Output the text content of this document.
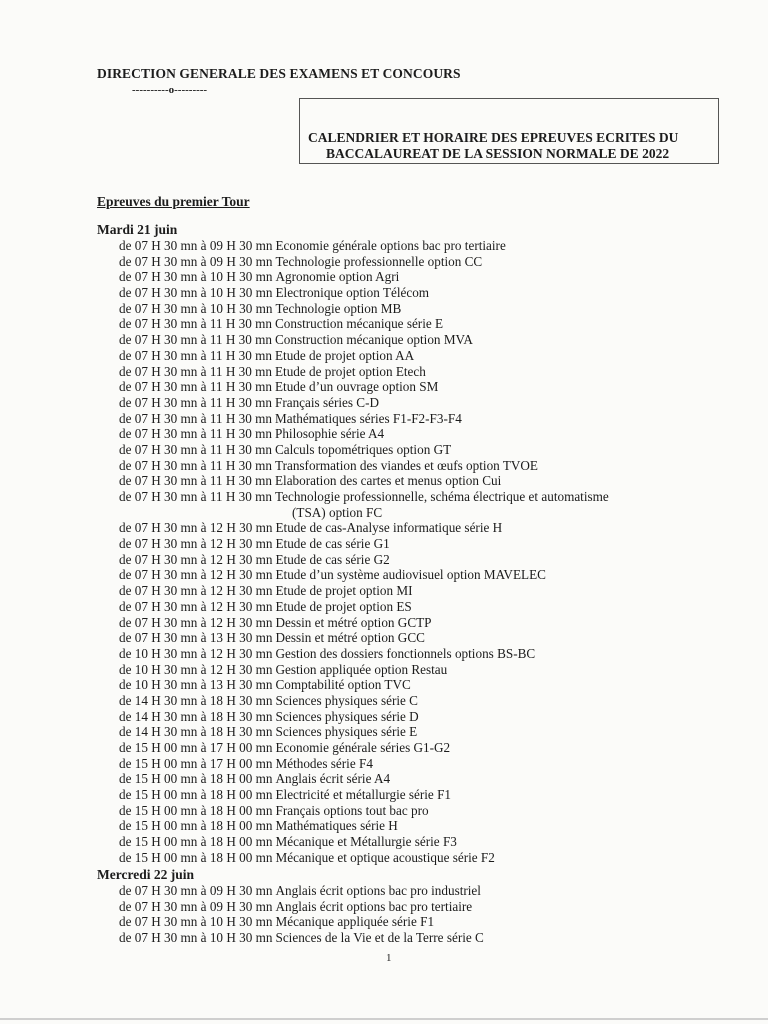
DIRECTION GENERALE DES EXAMENS ET CONCOURS
----------o---------
CALENDRIER ET HORAIRE DES EPREUVES ECRITES DU
BACCALAUREAT DE LA SESSION NORMALE DE 2022
Epreuves du premier Tour
Mardi 21 juin
de 07 H 30 mn à 09 H 30 mn Economie générale options bac pro tertiaire
de 07 H 30 mn à 09 H 30 mn Technologie professionnelle option CC
de 07 H 30 mn à 10 H 30 mn Agronomie option Agri
de 07 H 30 mn à 10 H 30 mn Electronique option Télécom
de 07 H 30 mn à 10 H 30 mn Technologie option MB
de 07 H 30 mn à 11 H 30 mn Construction mécanique série E
de 07 H 30 mn à 11 H 30 mn Construction mécanique option MVA
de 07 H 30 mn à 11 H 30 mn Etude de projet option AA
de 07 H 30 mn à 11 H 30 mn Etude de projet option Etech
de 07 H 30 mn à 11 H 30 mn Etude d’un ouvrage option SM
de 07 H 30 mn à 11 H 30 mn Français séries C-D
de 07 H 30 mn à 11 H 30 mn Mathématiques séries F1-F2-F3-F4
de 07 H 30 mn à 11 H 30 mn Philosophie série A4
de 07 H 30 mn à 11 H 30 mn Calculs topométriques option GT
de 07 H 30 mn à 11 H 30 mn Transformation des viandes et œufs option TVOE
de 07 H 30 mn à 11 H 30 mn Elaboration des cartes et menus option Cui
de 07 H 30 mn à 11 H 30 mn Technologie professionnelle, schéma électrique et automatisme
(TSA) option FC
de 07 H 30 mn à 12 H 30 mn Etude de cas-Analyse informatique série H
de 07 H 30 mn à 12 H 30 mn Etude de cas série G1
de 07 H 30 mn à 12 H 30 mn Etude de cas série G2
de 07 H 30 mn à 12 H 30 mn Etude d’un système audiovisuel option MAVELEC
de 07 H 30 mn à 12 H 30 mn Etude de projet option MI
de 07 H 30 mn à 12 H 30 mn Etude de projet option ES
de 07 H 30 mn à 12 H 30 mn Dessin et métré option GCTP
de 07 H 30 mn à 13 H 30 mn Dessin et métré option GCC
de 10 H 30 mn à 12 H 30 mn Gestion des dossiers fonctionnels options BS-BC
de 10 H 30 mn à 12 H 30 mn Gestion appliquée option Restau
de 10 H 30 mn à 13 H 30 mn Comptabilité option TVC
de 14 H 30 mn à 18 H 30 mn Sciences physiques série C
de 14 H 30 mn à 18 H 30 mn Sciences physiques série D
de 14 H 30 mn à 18 H 30 mn Sciences physiques série E
de 15 H 00 mn à 17 H 00 mn Economie générale séries G1-G2
de 15 H 00 mn à 17 H 00 mn Méthodes série F4
de 15 H 00 mn à 18 H 00 mn Anglais écrit série A4
de 15 H 00 mn à 18 H 00 mn Electricité et métallurgie série F1
de 15 H 00 mn à 18 H 00 mn Français options tout bac pro
de 15 H 00 mn à 18 H 00 mn Mathématiques série H
de 15 H 00 mn à 18 H 00 mn Mécanique et Métallurgie série F3
de 15 H 00 mn à 18 H 00 mn Mécanique et optique acoustique série F2
Mercredi 22 juin
de 07 H 30 mn à 09 H 30 mn Anglais écrit options bac pro industriel
de 07 H 30 mn à 09 H 30 mn Anglais écrit options bac pro tertiaire
de 07 H 30 mn à 10 H 30 mn Mécanique appliquée série F1
de 07 H 30 mn à 10 H 30 mn Sciences de la Vie et de la Terre série C
1
